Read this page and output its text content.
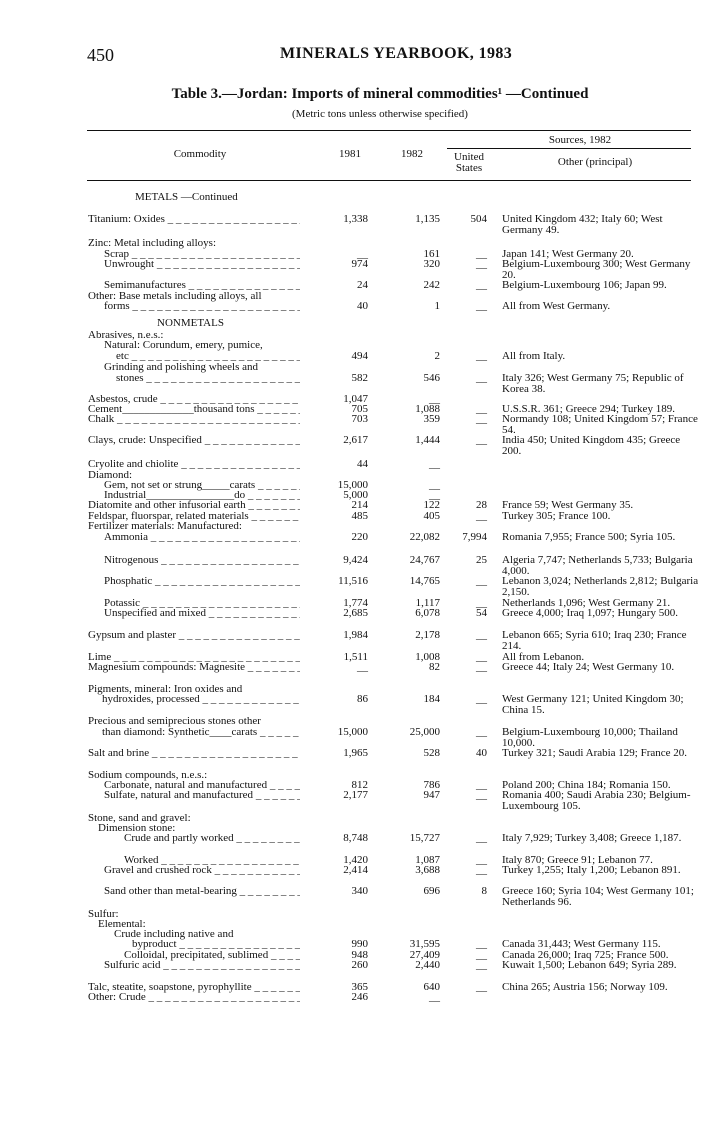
450	MINERALS YEARBOOK, 1983
Table 3.—Jordan: Imports of mineral commodities¹ —Continued
(Metric tons unless otherwise specified)
Commodity	1981	1982
Sources, 1982
United States	Other (principal)
METALS —Continued
NONMETALS
Titanium: Oxides _ _ _	1,338	1,135	504 United Kingdom 432; Italy 60; West Germany 49.
Zinc: Metal including alloys:
Scrap _ _ _	__	161	__ Japan 141; West Germany 20.
Unwrought _ _ _	974	320	__ Belgium-Luxembourg 300; West Germany 20.
Semimanufactures _ _ _	24	242	__ Belgium-Luxembourg 106; Japan 99.
Other: Base metals including alloys, all
forms _ _ _	40	1	__ All from West Germany.
Abrasives, n.e.s.:
Natural: Corundum, emery, pumice,
etc _ _ _	494	2	__ All from Italy.
Grinding and polishing wheels and
stones _ _ _	582	546	__ Italy 326; West Germany 75; Republic of Korea 38.
Asbestos, crude _ _ _	1,047	__
Cement_____________thousand tons _ _ _	705	1,088	__ U.S.S.R. 361; Greece 294; Turkey 189.
Chalk _ _ _	703	359	__ Normandy 108; United Kingdom 57; France 54.
Clays, crude: Unspecified _ _ _	2,617	1,444	__ India 450; United Kingdom 435; Greece 200.
Cryolite and chiolite _ _ _	44	__
Diamond:
Gem, not set or strung_____carats _ _ _	15,000	__
Industrial________________do _ _ _	5,000	__
Diatomite and other infusorial earth _ _ _	214	122	28 France 59; West Germany 35.
Feldspar, fluorspar, related materials _ _ _	485	405	__ Turkey 305; France 100.
Fertilizer materials: Manufactured:
Ammonia _ _ _	220	22,082	7,994 Romania 7,955; France 500; Syria 105.
Nitrogenous _ _ _	9,424	24,767	25 Algeria 7,747; Netherlands 5,733; Bulgaria 4,000.
Phosphatic _ _ _	11,516	14,765	__ Lebanon 3,024; Netherlands 2,812; Bulgaria 2,150.
Potassic _ _ _	1,774	1,117	__ Netherlands 1,096; West Germany 21.
Unspecified and mixed _ _ _	2,685	6,078	54 Greece 4,000; Iraq 1,097; Hungary 500.
Gypsum and plaster _ _ _	1,984	2,178	__ Lebanon 665; Syria 610; Iraq 230; France 214.
Lime _ _ _	1,511	1,008	__ All from Lebanon.
Magnesium compounds: Magnesite _ _ _	__	82	__ Greece 44; Italy 24; West Germany 10.
Pigments, mineral: Iron oxides and
hydroxides, processed _ _ _	86	184	__ West Germany 121; United Kingdom 30; China 15.
Precious and semiprecious stones other
than diamond: Synthetic____carats _ _ _	15,000	25,000	__ Belgium-Luxembourg 10,000; Thailand 10,000.
Salt and brine _ _ _	1,965	528	40 Turkey 321; Saudi Arabia 129; France 20.
Sodium compounds, n.e.s.:
Carbonate, natural and manufactured _ _ _	812	786	__ Poland 200; China 184; Romania 150.
Sulfate, natural and manufactured _ _ _	2,177	947	__ Romania 400; Saudi Arabia 230; Belgium-Luxembourg 105.
Stone, sand and gravel:
Dimension stone:
Crude and partly worked _ _ _	8,748	15,727	__ Italy 7,929; Turkey 3,408; Greece 1,187.
Worked _ _ _	1,420	1,087	__ Italy 870; Greece 91; Lebanon 77.
Gravel and crushed rock _ _ _	2,414	3,688	__ Turkey 1,255; Italy 1,200; Lebanon 891.
Sand other than metal-bearing _ _ _	340	696	8 Greece 160; Syria 104; West Germany 101; Netherlands 96.
Sulfur:
Elemental:
Crude including native and
byproduct _ _ _	990	31,595	__ Canada 31,443; West Germany 115.
Colloidal, precipitated, sublimed _ _ _	948	27,409	__ Canada 26,000; Iraq 725; France 500.
Sulfuric acid _ _ _	260	2,440	__ Kuwait 1,500; Lebanon 649; Syria 289.
Talc, steatite, soapstone, pyrophyllite _ _ _	365	640	__ China 265; Austria 156; Norway 109.
Other: Crude _ _ _	246	__
